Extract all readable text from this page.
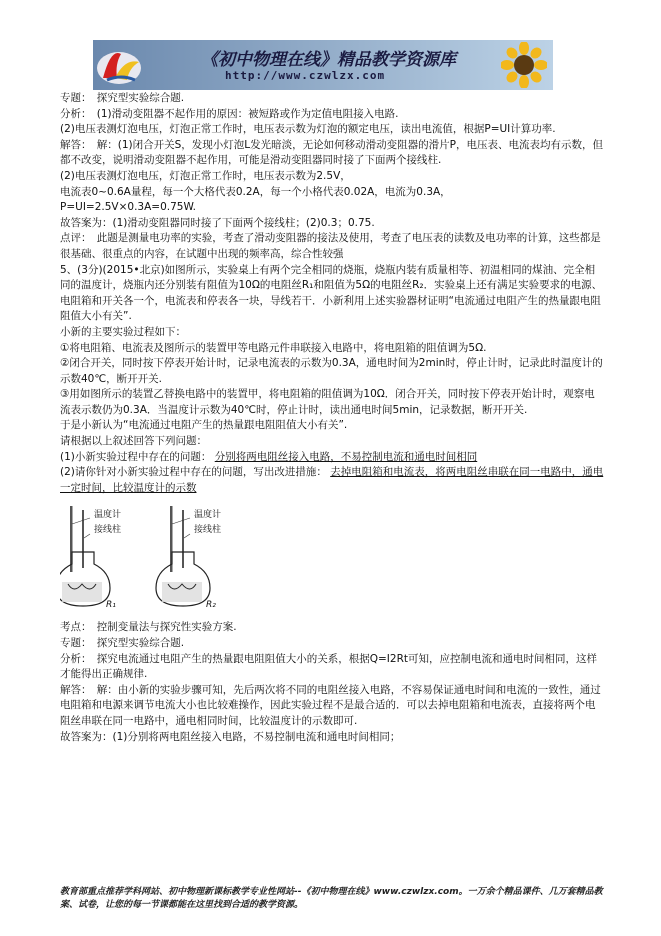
《初中物理在线》精品教学资源库
http://www.czwlzx.com

专题：　探究型实验综合题.

分析：　(1)滑动变阻器不起作用的原因：被短路或作为定值电阻接入电路.

(2)电压表测灯泡电压，灯泡正常工作时，电压表示数为灯泡的额定电压，读出电流值，根据P=UI计算功率.

解答：　解：(1)闭合开关S，发现小灯泡L发光暗淡，无论如何移动滑动变阻器的滑片P，电压表、电流表均有示数，但都不改变，说明滑动变阻器不起作用，可能是滑动变阻器同时接了下面两个接线柱.

(2)电压表测灯泡电压，灯泡正常工作时，电压表示数为2.5V，

电流表0~0.6A量程，每一个大格代表0.2A，每一个小格代表0.02A，电流为0.3A，

P=UI=2.5V×0.3A=0.75W.

故答案为：(1)滑动变阻器同时接了下面两个接线柱；(2)0.3；0.75.

点评：　此题是测量电功率的实验，考查了滑动变阻器的接法及使用，考查了电压表的读数及电功率的计算，这些都是很基础、很重点的内容，在试题中出现的频率高，综合性较强

5、(3分)(2015•北京)如图所示，实验桌上有两个完全相同的烧瓶，烧瓶内装有质量相等、初温相同的煤油、完全相同的温度计，烧瓶内还分别装有阻值为10Ω的电阻丝R₁和阻值为5Ω的电阻丝R₂．实验桌上还有满足实验要求的电源、电阻箱和开关各一个，电流表和停表各一块，导线若干．小新利用上述实验器材证明“电流通过电阻产生的热量跟电阻阻值大小有关”.

小新的主要实验过程如下：

①将电阻箱、电流表及图所示的装置甲等电路元件串联接入电路中，将电阻箱的阻值调为5Ω.

②闭合开关，同时按下停表开始计时，记录电流表的示数为0.3A，通电时间为2min时，停止计时，记录此时温度计的示数40℃，断开开关.

③用如图所示的装置乙替换电路中的装置甲，将电阻箱的阻值调为10Ω．闭合开关，同时按下停表开始计时，观察电流表示数仍为0.3A．当温度计示数为40℃时，停止计时，读出通电时间5min，记录数据，断开开关.

于是小新认为“电流通过电阻产生的热量跟电阻阻值大小有关”.

请根据以上叙述回答下列问题：

(1)小新实验过程中存在的问题： 分别将两电阻丝接入电路，不易控制电流和通电时间相同

(2)请你针对小新实验过程中存在的问题，写出改进措施： 去掉电阻箱和电流表，将两电阻丝串联在同一电路中，通电一定时间，比较温度计的示数

温度计
接线柱
R₁
温度计
接线柱
R₂

考点：　控制变量法与探究性实验方案.

专题：　探究型实验综合题.

分析：　探究电流通过电阻产生的热量跟电阻阻值大小的关系，根据Q=I2Rt可知，应控制电流和通电时间相同，这样才能得出正确规律.

解答：　解：由小新的实验步骤可知，先后两次将不同的电阻丝接入电路，不容易保证通电时间和电流的一致性，通过电阻箱和电源来调节电流大小也比较难操作，因此实验过程不是最合适的．可以去掉电阻箱和电流表，直接将两个电阻丝串联在同一电路中，通电相同时间，比较温度计的示数即可.

故答案为：(1)分别将两电阻丝接入电路，不易控制电流和通电时间相同；

教育部重点推荐学科网站、初中物理新课标教学专业性网站--《初中物理在线》www.czwlzx.com。一万余个精品课件、几万套精品教案、试卷，让您的每一节课都能在这里找到合适的教学资源。
